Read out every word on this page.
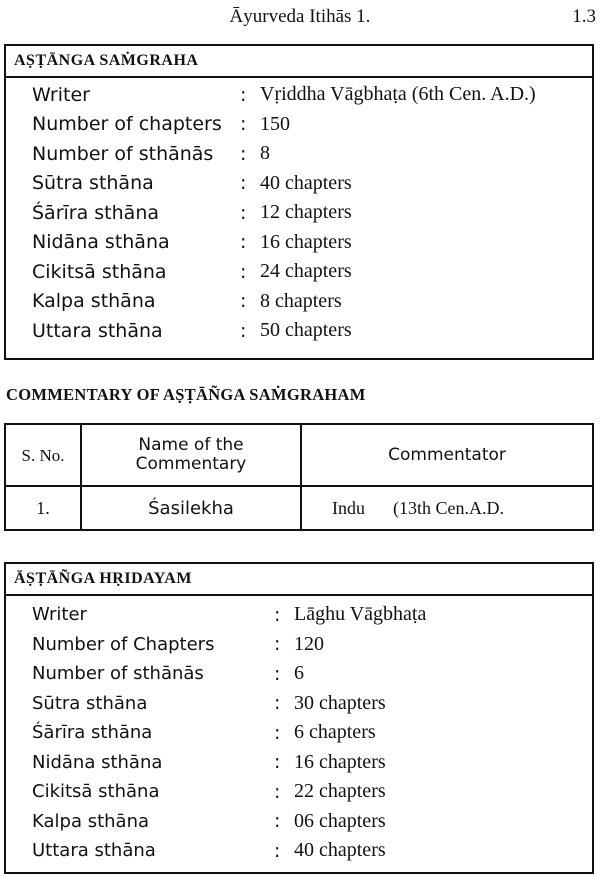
Āyurveda Itihās 1.	1.3
AṢṬĀNGA SAṀGRAHA
Writer	: Vṛiddha Vāgbhaṭa (6th Cen. A.D.)
Number of chapters : 150
Number of sthānās	: 8
Sūtra sthāna	: 40 chapters
Śārīra sthāna	: 12 chapters
Nidāna sthāna	: 16 chapters
Cikitsā sthāna	: 24 chapters
Kalpa sthāna	: 8 chapters
Uttara sthāna	: 50 chapters
COMMENTARY OF AṢṬĀÑGA SAṀGRAHAM
S. No.	Name of the Commentary	Commentator
1.	Śasilekha	Indu (13th Cen.A.D.
ĀṢṬĀÑGA HṚIDAYAM
Writer	: Lāghu Vāgbhaṭa
Number of Chapters	: 120
Number of sthānās	: 6
Sūtra sthāna	: 30 chapters
Śārīra sthāna	: 6 chapters
Nidāna sthāna	: 16 chapters
Cikitsā sthāna	: 22 chapters
Kalpa sthāna	: 06 chapters
Uttara sthāna	: 40 chapters
